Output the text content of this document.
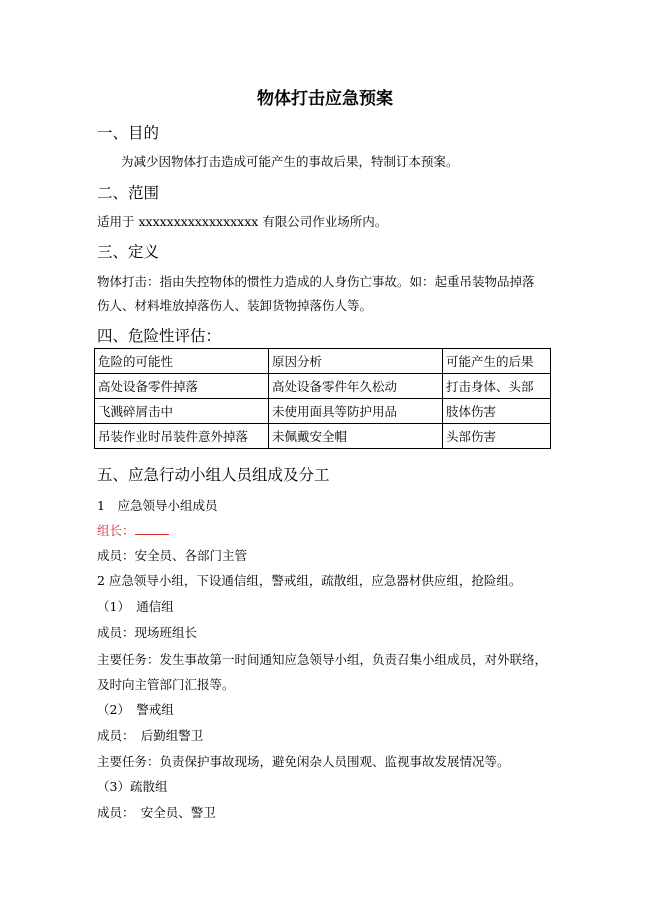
物体打击应急预案
一、目的
为减少因物体打击造成可能产生的事故后果，特制订本预案。
二、范围
适用于 xxxxxxxxxxxxxxxxx 有限公司作业场所内。
三、定义
物体打击：指由失控物体的惯性力造成的人身伤亡事故。如：起重吊装物品掉落
伤人、材料堆放掉落伤人、装卸货物掉落伤人等。
四、危险性评估：
危险的可能性	原因分析	可能产生的后果
高处设备零件掉落	高处设备零件年久松动	打击身体、头部
飞溅碎屑击中	未使用面具等防护用品	肢体伤害
吊装作业时吊装件意外掉落	未佩戴安全帽	头部伤害
五、应急行动小组人员组成及分工
1　应急领导小组成员
组长：
成员：安全员、各部门主管
2 应急领导小组，下设通信组，警戒组，疏散组，应急器材供应组，抢险组。
（1）　通信组
成员：现场班组长
主要任务：发生事故第一时间通知应急领导小组，负责召集小组成员，对外联络，
及时向主管部门汇报等。
（2）　警戒组
成员：　后勤组警卫
主要任务：负责保护事故现场，避免闲杂人员围观、监视事故发展情况等。
（3）疏散组
成员：　安全员、警卫
